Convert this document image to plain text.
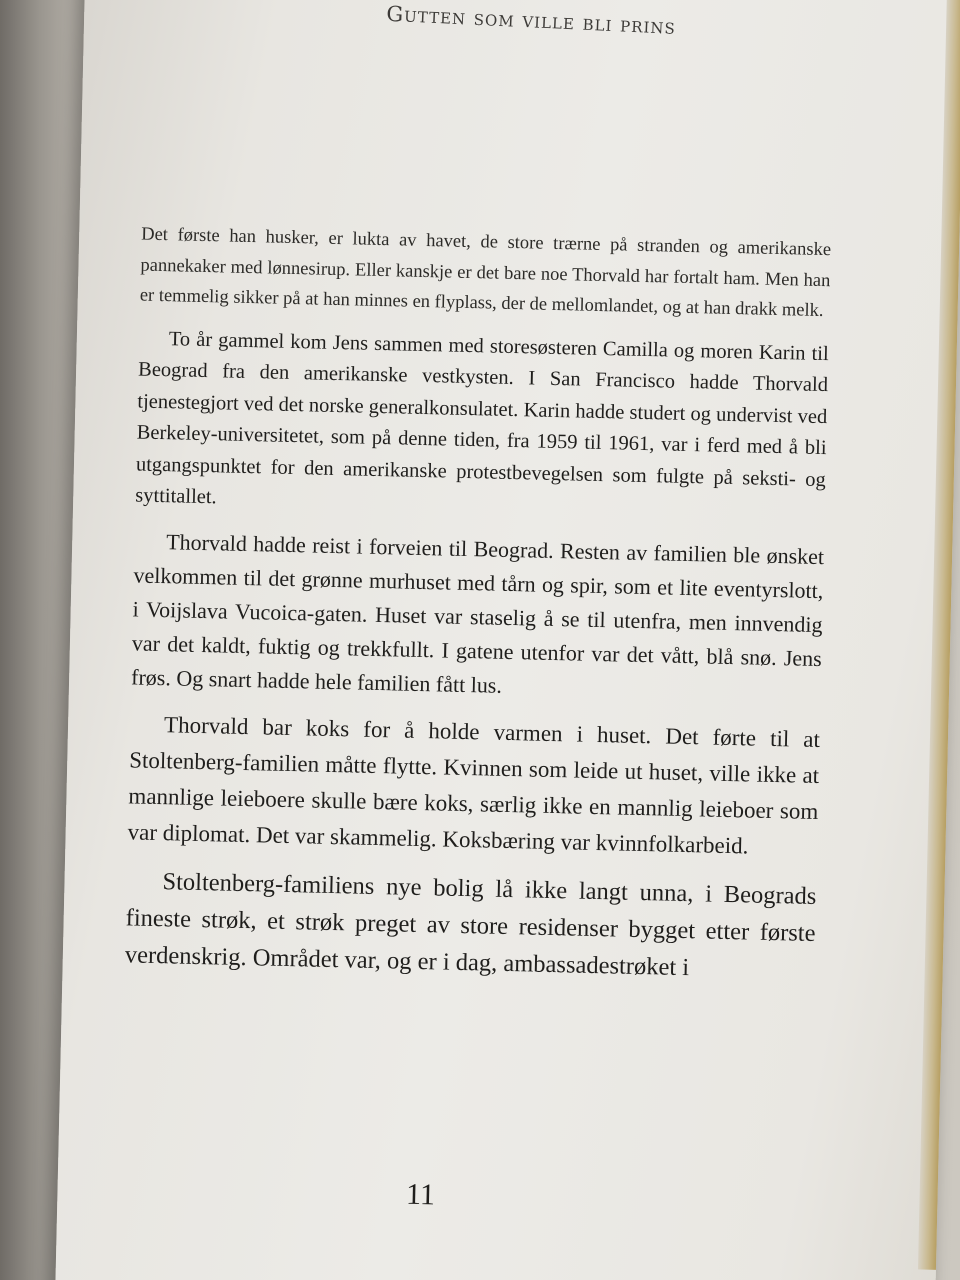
Gutten som ville bli prins

Det første han husker, er lukta av havet, de store trærne på stranden og amerikanske pannekaker med lønnesirup. Eller kanskje er det bare noe Thorvald har fortalt ham. Men han er temmelig sikker på at han minnes en flyplass, der de mellomlandet, og at han drakk melk.

To år gammel kom Jens sammen med storesøsteren Camilla og moren Karin til Beograd fra den amerikanske vestkysten. I San Francisco hadde Thorvald tjenestegjort ved det norske generalkonsulatet. Karin hadde studert og undervist ved Berkeley-universitetet, som på denne tiden, fra 1959 til 1961, var i ferd med å bli utgangspunktet for den amerikanske protestbevegelsen som fulgte på seksti- og syttitallet.

Thorvald hadde reist i forveien til Beograd. Resten av familien ble ønsket velkommen til det grønne murhuset med tårn og spir, som et lite eventyrslott, i Voijslava Vucoica-gaten. Huset var staselig å se til utenfra, men innvendig var det kaldt, fuktig og trekkfullt. I gatene utenfor var det vått, blå snø. Jens frøs. Og snart hadde hele familien fått lus.

Thorvald bar koks for å holde varmen i huset. Det førte til at Stoltenberg-familien måtte flytte. Kvinnen som leide ut huset, ville ikke at mannlige leieboere skulle bære koks, særlig ikke en mannlig leieboer som var diplomat. Det var skammelig. Koksbæring var kvinnfolkarbeid.

Stoltenberg-familiens nye bolig lå ikke langt unna, i Beograds fineste strøk, et strøk preget av store residenser bygget etter første verdenskrig. Området var, og er i dag, ambassadestrøket i

11
